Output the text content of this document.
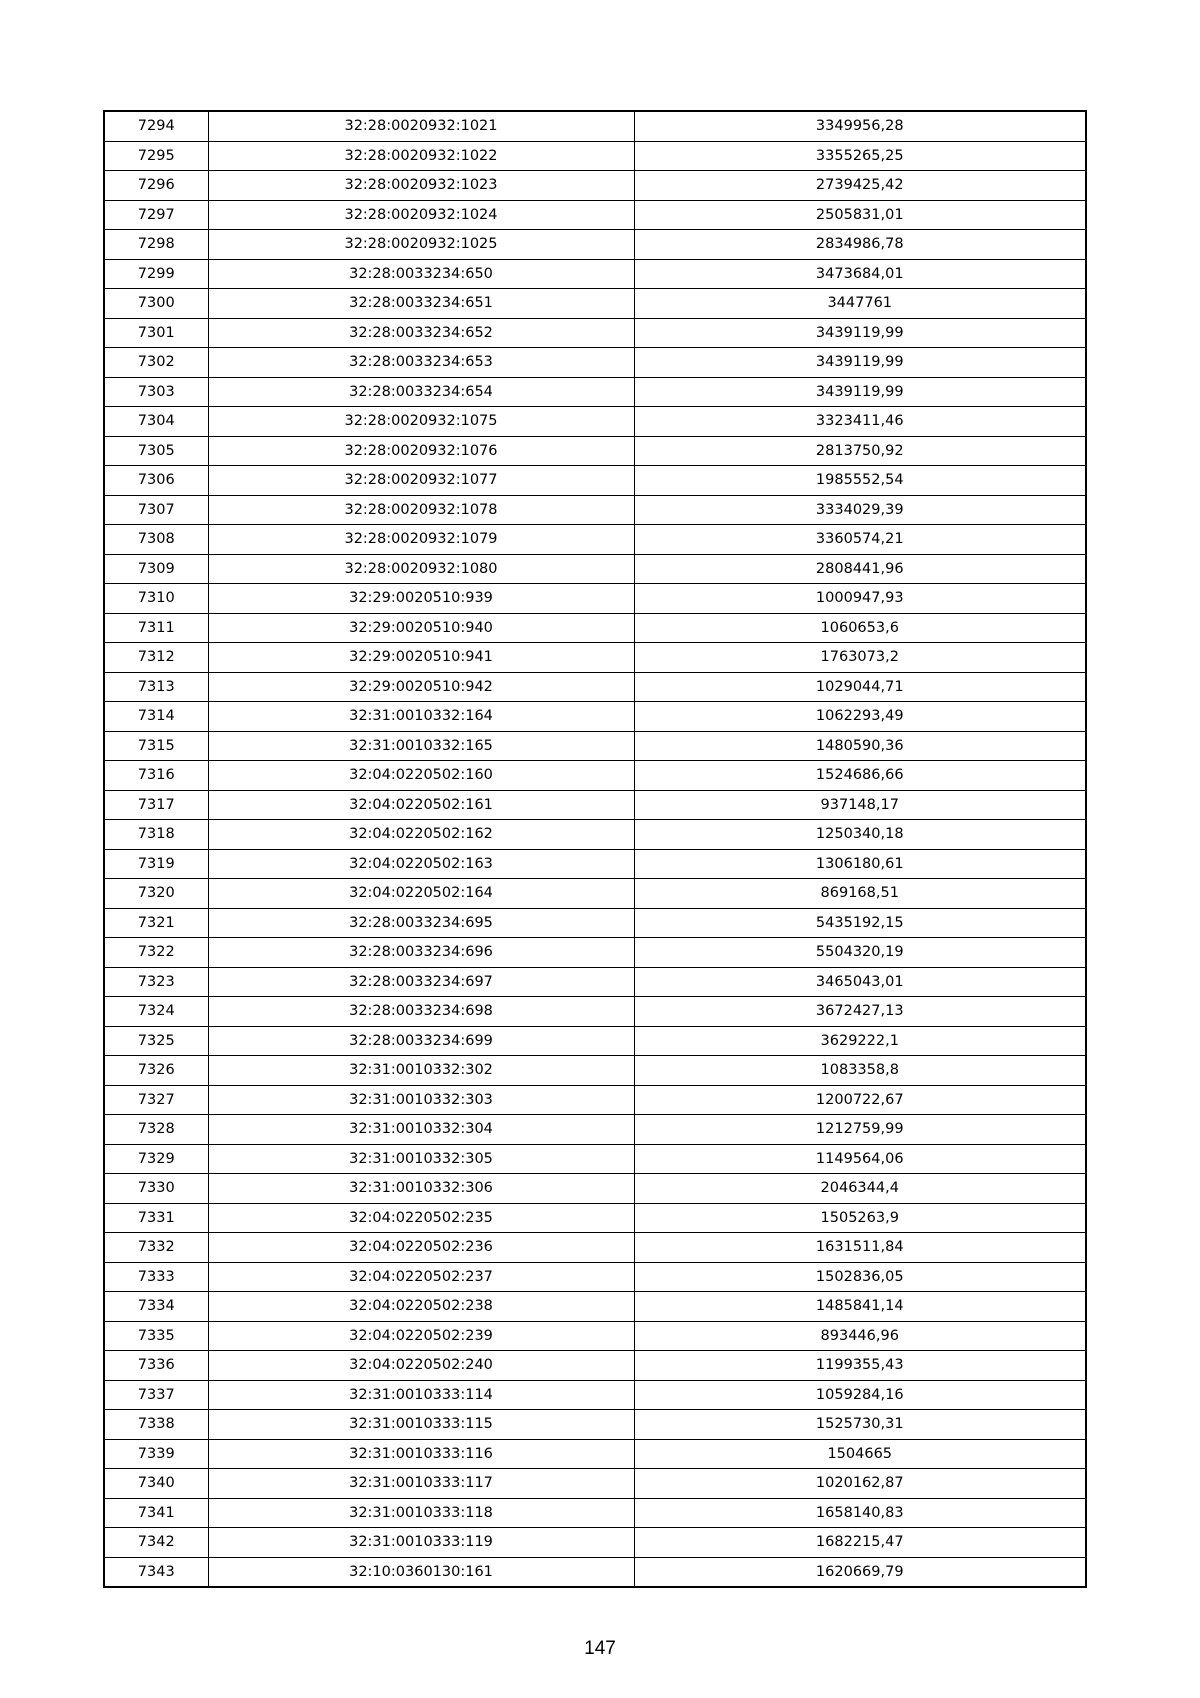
7294	32:28:0020932:1021	3349956,28
7295	32:28:0020932:1022	3355265,25
7296	32:28:0020932:1023	2739425,42
7297	32:28:0020932:1024	2505831,01
7298	32:28:0020932:1025	2834986,78
7299	32:28:0033234:650	3473684,01
7300	32:28:0033234:651	3447761
7301	32:28:0033234:652	3439119,99
7302	32:28:0033234:653	3439119,99
7303	32:28:0033234:654	3439119,99
7304	32:28:0020932:1075	3323411,46
7305	32:28:0020932:1076	2813750,92
7306	32:28:0020932:1077	1985552,54
7307	32:28:0020932:1078	3334029,39
7308	32:28:0020932:1079	3360574,21
7309	32:28:0020932:1080	2808441,96
7310	32:29:0020510:939	1000947,93
7311	32:29:0020510:940	1060653,6
7312	32:29:0020510:941	1763073,2
7313	32:29:0020510:942	1029044,71
7314	32:31:0010332:164	1062293,49
7315	32:31:0010332:165	1480590,36
7316	32:04:0220502:160	1524686,66
7317	32:04:0220502:161	937148,17
7318	32:04:0220502:162	1250340,18
7319	32:04:0220502:163	1306180,61
7320	32:04:0220502:164	869168,51
7321	32:28:0033234:695	5435192,15
7322	32:28:0033234:696	5504320,19
7323	32:28:0033234:697	3465043,01
7324	32:28:0033234:698	3672427,13
7325	32:28:0033234:699	3629222,1
7326	32:31:0010332:302	1083358,8
7327	32:31:0010332:303	1200722,67
7328	32:31:0010332:304	1212759,99
7329	32:31:0010332:305	1149564,06
7330	32:31:0010332:306	2046344,4
7331	32:04:0220502:235	1505263,9
7332	32:04:0220502:236	1631511,84
7333	32:04:0220502:237	1502836,05
7334	32:04:0220502:238	1485841,14
7335	32:04:0220502:239	893446,96
7336	32:04:0220502:240	1199355,43
7337	32:31:0010333:114	1059284,16
7338	32:31:0010333:115	1525730,31
7339	32:31:0010333:116	1504665
7340	32:31:0010333:117	1020162,87
7341	32:31:0010333:118	1658140,83
7342	32:31:0010333:119	1682215,47
7343	32:10:0360130:161	1620669,79
147
